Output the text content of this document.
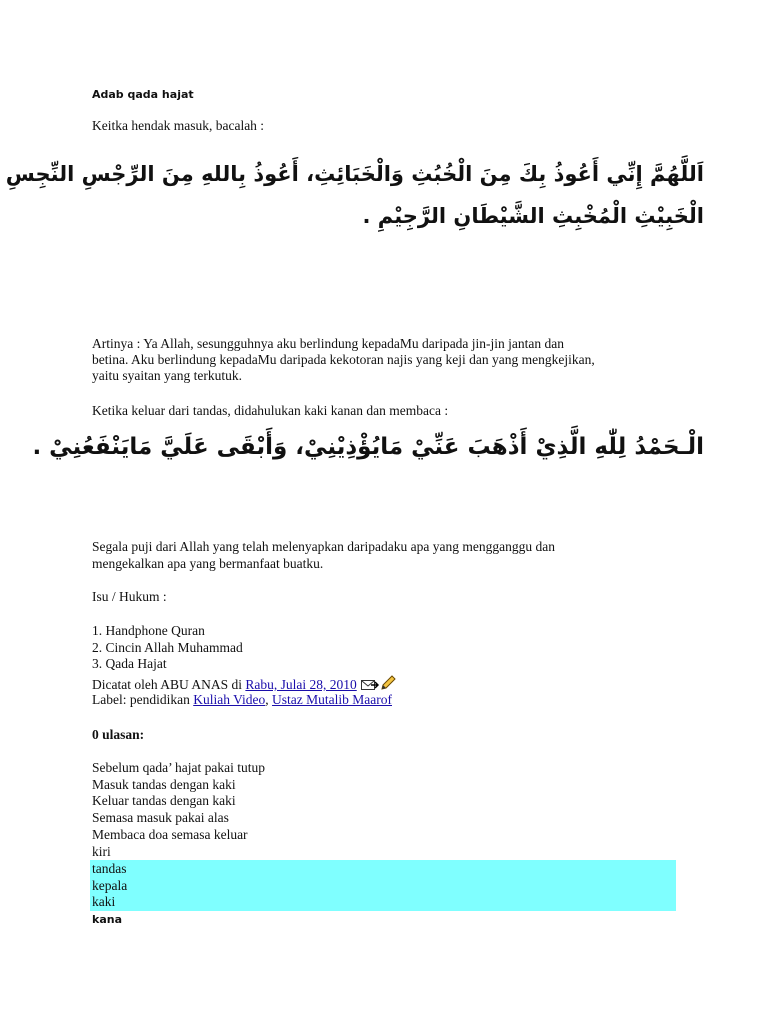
Adab qada hajat
Keitka hendak masuk, bacalah :
اَللَّهُمَّ إِنِّي أَعُوذُ بِكَ مِنَ الْخُبُثِ وَالْخَبَائِثِ، أَعُوذُ بِاللهِ مِنَ الرِّجْسِ النِّجِسِ
الْخَبِيْثِ الْمُخْبِثِ الشَّيْطَانِ الرَّجِيْمِ .
Artinya : Ya Allah, sesungguhnya aku berlindung kepadaMu daripada jin-jin jantan dan
betina. Aku berlindung kepadaMu daripada kekotoran najis yang keji dan yang mengkejikan,
yaitu syaitan yang terkutuk.
Ketika keluar dari tandas, didahulukan kaki kanan dan membaca :
الْـحَمْدُ لِلّٰهِ الَّذِيْ أَذْهَبَ عَنِّيْ مَايُؤْذِيْنِيْ، وَأَبْقَى عَلَيَّ مَايَنْفَعُنِيْ .
Segala puji dari Allah yang telah melenyapkan daripadaku apa yang mengganggu dan
mengekalkan apa yang bermanfaat buatku.
Isu / Hukum :
1. Handphone Quran
2. Cincin Allah Muhammad
3. Qada Hajat
Dicatat oleh ABU ANAS di Rabu, Julai 28, 2010
Label: pendidikan Kuliah Video, Ustaz Mutalib Maarof
0 ulasan:
Sebelum qada’ hajat pakai tutup
Masuk tandas dengan kaki
Keluar tandas dengan kaki
Semasa masuk pakai alas
Membaca doa semasa keluar
kiri
tandas
kepala
kaki
kana
